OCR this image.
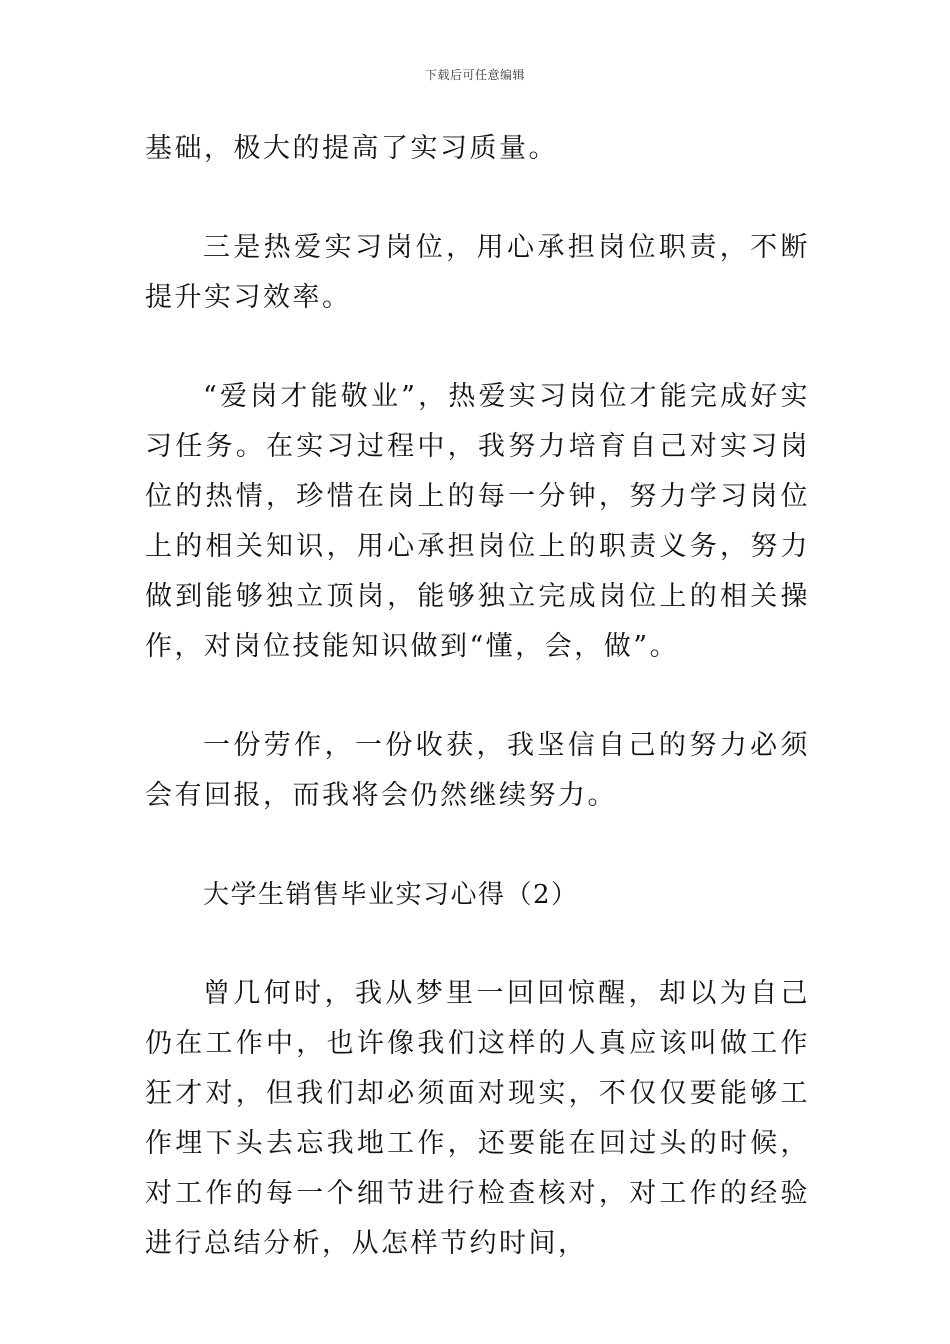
下载后可任意编辑

基础，极大的提高了实习质量。

三是热爱实习岗位，用心承担岗位职责，不断提升实习效率。

“爱岗才能敬业”，热爱实习岗位才能完成好实习任务。在实习过程中，我努力培育自己对实习岗位的热情，珍惜在岗上的每一分钟，努力学习岗位上的相关知识，用心承担岗位上的职责义务，努力做到能够独立顶岗，能够独立完成岗位上的相关操作，对岗位技能知识做到“懂，会，做”。

一份劳作，一份收获，我坚信自己的努力必须会有回报，而我将会仍然继续努力。

大学生销售毕业实习心得（2）

曾几何时，我从梦里一回回惊醒，却以为自己仍在工作中，也许像我们这样的人真应该叫做工作狂才对，但我们却必须面对现实，不仅仅要能够工作埋下头去忘我地工作，还要能在回过头的时候，对工作的每一个细节进行检查核对，对工作的经验进行总结分析，从怎样节约时间，
